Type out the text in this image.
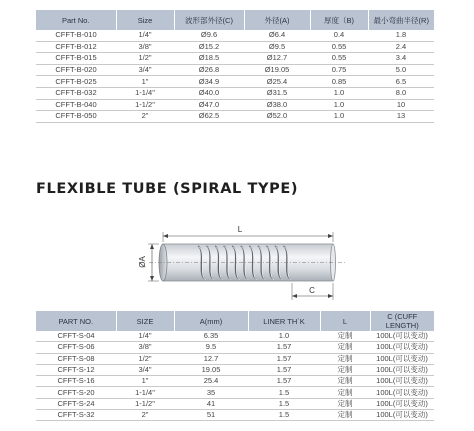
Part No.	Size	波形部外径(C)	外径(A)	厚度（B)	最小弯曲半径(R)
CFFT-B-010	1/4"	Ø9.6	Ø6.4	0.4	1.8
CFFT-B-012	3/8"	Ø15.2	Ø9.5	0.55	2.4
CFFT-B-015	1/2"	Ø18.5	Ø12.7	0.55	3.4
CFFT-B-020	3/4"	Ø26.8	Ø19.05	0.75	5.0
CFFT-B-025	1"	Ø34.9	Ø25.4	0.85	6.5
CFFT-B-032	1-1/4"	Ø40.0	Ø31.5	1.0	8.0
CFFT-B-040	1-1/2"	Ø47.0	Ø38.0	1.0	10
CFFT-B-050	2"	Ø62.5	Ø52.0	1.0	13
FLEXIBLE TUBE (SPIRAL TYPE)
L
ØA
C
PART NO.	SIZE	A(mm)	LINER TH`K	L	C (CUFF LENGTH)
CFFT-S-04	1/4"	6.35	1.0	定制	100L(可以变动)
CFFT-S-06	3/8"	9.5	1.57	定制	100L(可以变动)
CFFT-S-08	1/2"	12.7	1.57	定制	100L(可以变动)
CFFT-S-12	3/4"	19.05	1.57	定制	100L(可以变动)
CFFT-S-16	1"	25.4	1.57	定制	100L(可以变动)
CFFT-S-20	1-1/4"	35	1.5	定制	100L(可以变动)
CFFT-S-24	1-1/2"	41	1.5	定制	100L(可以变动)
CFFT-S-32	2"	51	1.5	定制	100L(可以变动)
